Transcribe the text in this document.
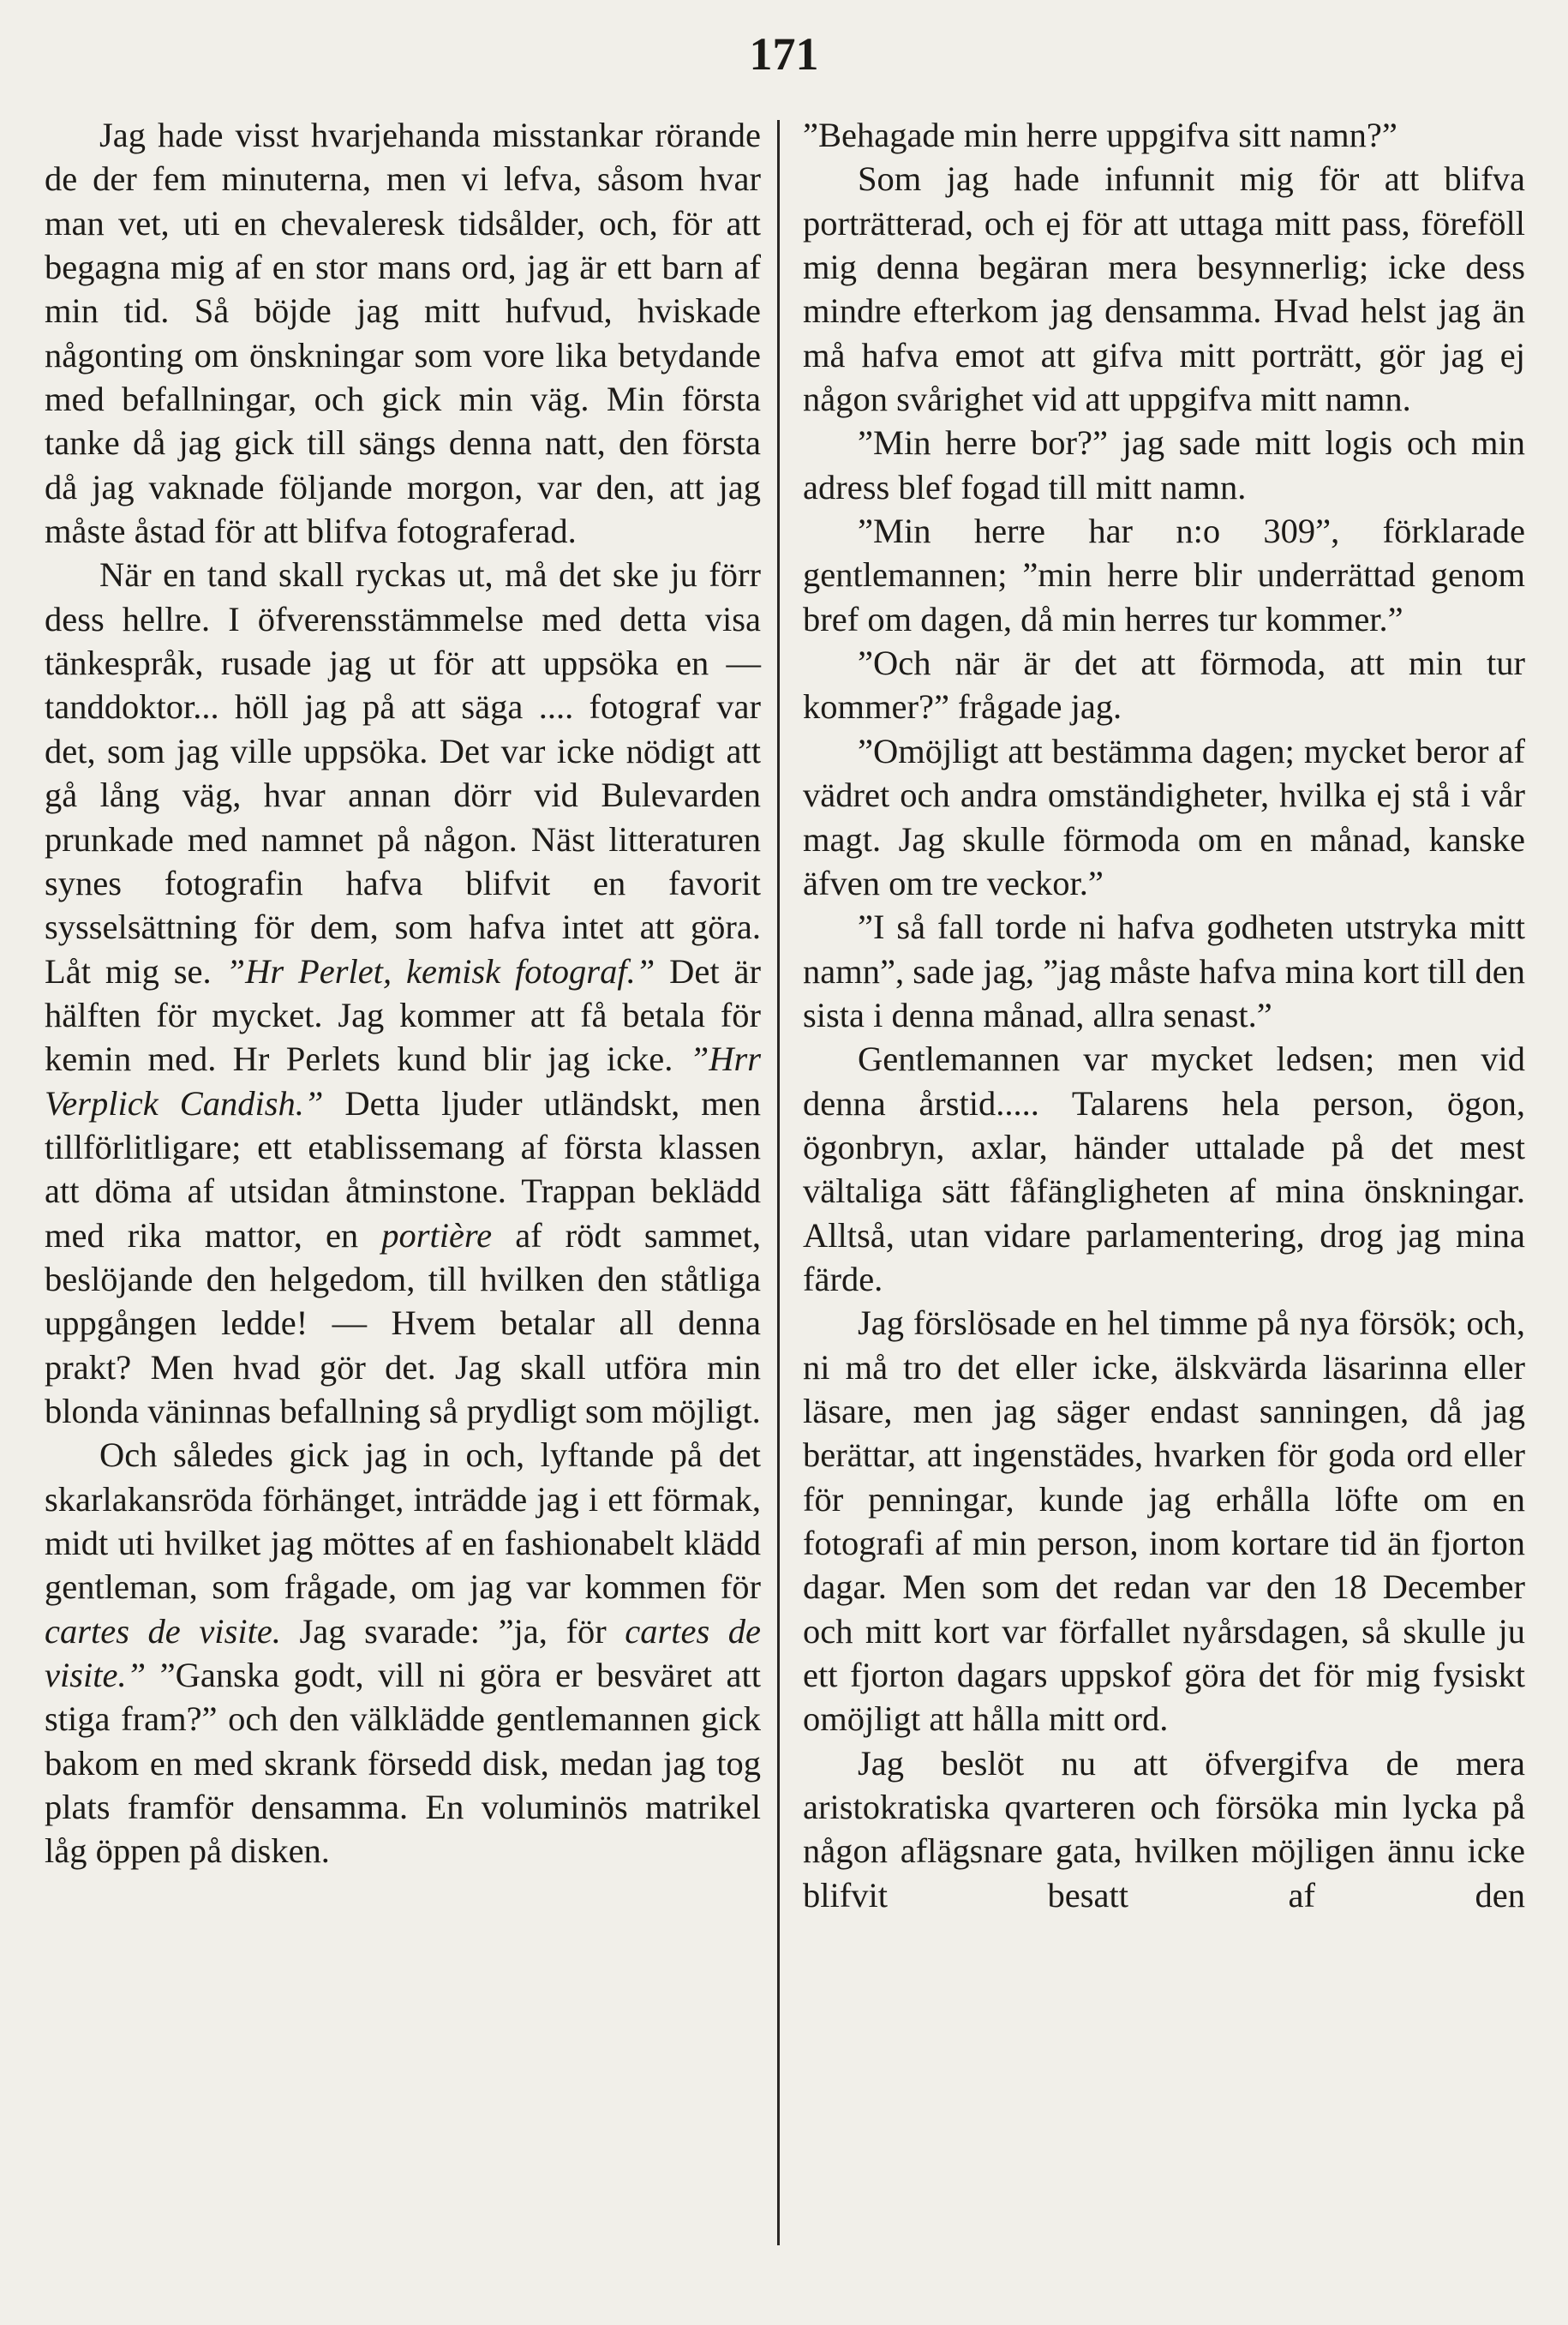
171

Jag hade visst hvarjehanda misstankar rörande de der fem minuterna, men vi lefva, såsom hvar man vet, uti en chevaleresk tidsålder, och, för att begagna mig af en stor mans ord, jag är ett barn af min tid. Så böjde jag mitt hufvud, hviskade någonting om önskningar som vore lika betydande med befallningar, och gick min väg. Min första tanke då jag gick till sängs denna natt, den första då jag vaknade följande morgon, var den, att jag måste åstad för att blifva fotograferad.

När en tand skall ryckas ut, må det ske ju förr dess hellre. I öfverensstämmelse med detta visa tänkespråk, rusade jag ut för att uppsöka en — tanddoktor... höll jag på att säga .... fotograf var det, som jag ville uppsöka. Det var icke nödigt att gå lång väg, hvar annan dörr vid Bulevarden prunkade med namnet på någon. Näst litteraturen synes fotografin hafva blifvit en favorit sysselsättning för dem, som hafva intet att göra. Låt mig se. ”Hr Perlet, kemisk fotograf.” Det är hälften för mycket. Jag kommer att få betala för kemin med. Hr Perlets kund blir jag icke. ”Hrr Verplick Candish.” Detta ljuder utländskt, men tillförlitligare; ett etablissemang af första klassen att döma af utsidan åtminstone. Trappan beklädd med rika mattor, en portière af rödt sammet, beslöjande den helgedom, till hvilken den ståtliga uppgången ledde! — Hvem betalar all denna prakt? Men hvad gör det. Jag skall utföra min blonda väninnas befallning så prydligt som möjligt.

Och således gick jag in och, lyftande på det skarlakansröda förhänget, inträdde jag i ett förmak, midt uti hvilket jag möttes af en fashionabelt klädd gentleman, som frågade, om jag var kommen för cartes de visite. Jag svarade: ”ja, för cartes de visite.” ”Ganska godt, vill ni göra er besväret att stiga fram?” och den välklädde gentlemannen gick bakom en med skrank försedd disk, medan jag tog plats framför densamma. En voluminös matrikel låg öppen på disken.

”Behagade min herre uppgifva sitt namn?”

Som jag hade infunnit mig för att blifva porträtterad, och ej för att uttaga mitt pass, föreföll mig denna begäran mera besynnerlig; icke dess mindre efterkom jag densamma. Hvad helst jag än må hafva emot att gifva mitt porträtt, gör jag ej någon svårighet vid att uppgifva mitt namn.

”Min herre bor?” jag sade mitt logis och min adress blef fogad till mitt namn.

”Min herre har n:o 309”, förklarade gentlemannen; ”min herre blir underrättad genom bref om dagen, då min herres tur kommer.”

”Och när är det att förmoda, att min tur kommer?” frågade jag.

”Omöjligt att bestämma dagen; mycket beror af vädret och andra omständigheter, hvilka ej stå i vår magt. Jag skulle förmoda om en månad, kanske äfven om tre veckor.”

”I så fall torde ni hafva godheten utstryka mitt namn”, sade jag, ”jag måste hafva mina kort till den sista i denna månad, allra senast.”

Gentlemannen var mycket ledsen; men vid denna årstid..... Talarens hela person, ögon, ögonbryn, axlar, händer uttalade på det mest vältaliga sätt fåfängligheten af mina önskningar. Alltså, utan vidare parlamentering, drog jag mina färde.

Jag förslösade en hel timme på nya försök; och, ni må tro det eller icke, älskvärda läsarinna eller läsare, men jag säger endast sanningen, då jag berättar, att ingenstädes, hvarken för goda ord eller för penningar, kunde jag erhålla löfte om en fotografi af min person, inom kortare tid än fjorton dagar. Men som det redan var den 18 December och mitt kort var förfallet nyårsdagen, så skulle ju ett fjorton dagars uppskof göra det för mig fysiskt omöjligt att hålla mitt ord.

Jag beslöt nu att öfvergifva de mera aristokratiska qvarteren och försöka min lycka på någon aflägsnare gata, hvilken möjligen ännu icke blifvit besatt af den
